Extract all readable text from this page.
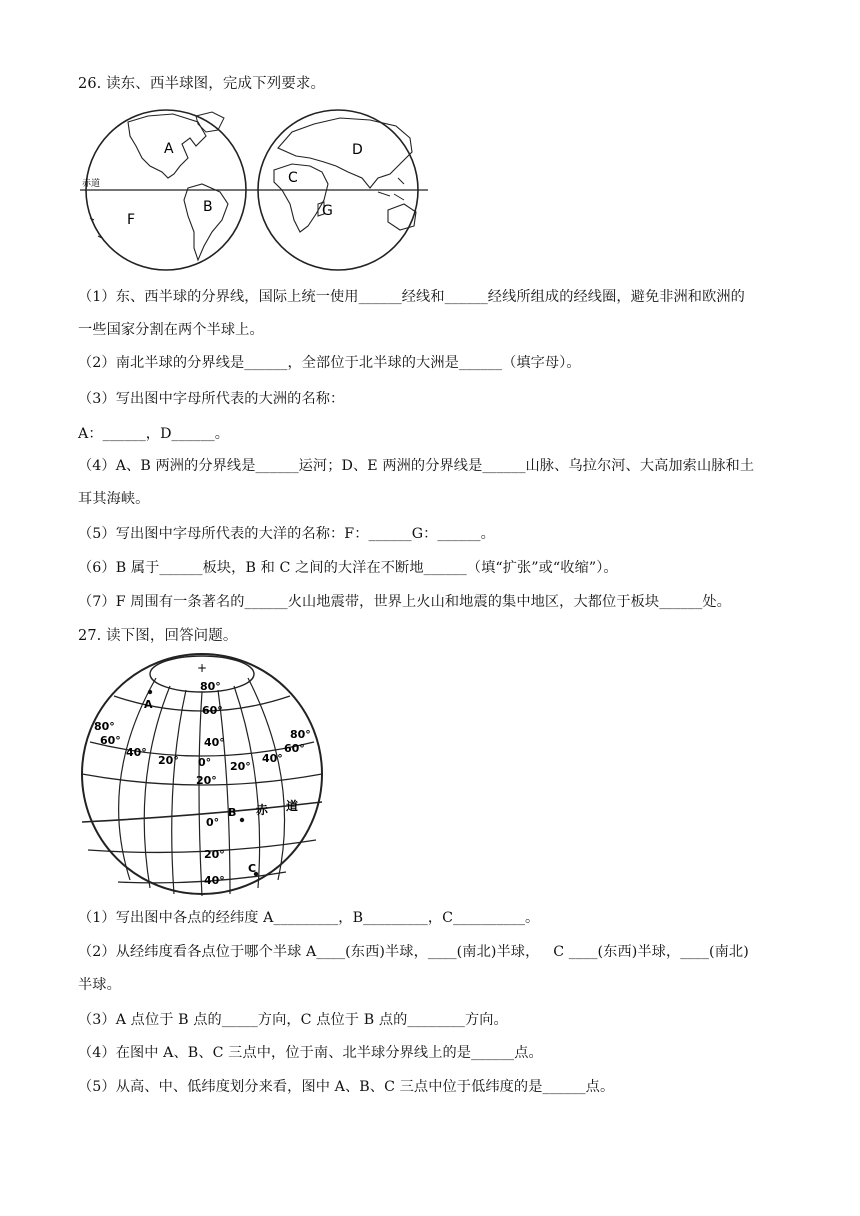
26. 读东、西半球图，完成下列要求。
赤道
A
B
C
D
F
G
（1）东、西半球的分界线，国际上统一使用______经线和______经线所组成的经线圈，避免非洲和欧洲的
一些国家分割在两个半球上。
（2）南北半球的分界线是______，全部位于北半球的大洲是______（填字母）。
（3）写出图中字母所代表的大洲的名称：
A：______，D______。
（4）A、B 两洲的分界线是______运河；D、E 两洲的分界线是______山脉、乌拉尔河、大高加索山脉和土
耳其海峡。
（5）写出图中字母所代表的大洋的名称：F：______G：______。
（6）B 属于______板块，B 和 C 之间的大洋在不断地______（填“扩张”或“收缩”）。
（7）F 周围有一条著名的______火山地震带，世界上火山和地震的集中地区，大都位于板块______处。
27. 读下图，回答问题。
+
A
B
C
赤 道
80°
60°
40°
20° 0° 20°
40°
60°
80°
80°
60°
40°
20°
0°
20°
40°
（1）写出图中各点的经纬度 A_________，B_________，C__________。
（2）从经纬度看各点位于哪个半球 A____(东西)半球，____(南北)半球，   C ____(东西)半球，____(南北)
半球。
（3）A 点位于 B 点的_____方向，C 点位于 B 点的________方向。
（4）在图中 A、B、C 三点中，位于南、北半球分界线上的是______点。
（5）从高、中、低纬度划分来看，图中 A、B、C 三点中位于低纬度的是______点。
